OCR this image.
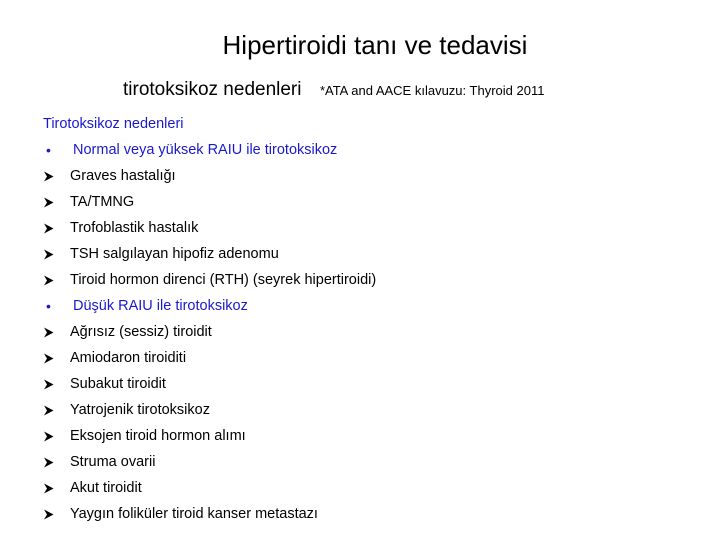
Hipertiroidi tanı ve tedavisi
tirotoksikoz nedenleri *ATA and AACE kılavuzu: Thyroid 2011
Tirotoksikoz nedenleri
•	Normal veya yüksek RAIU ile tirotoksikoz
Graves hastalığı
TA/TMNG
Trofoblastik hastalık
TSH salgılayan hipofiz adenomu
Tiroid hormon direnci (RTH) (seyrek hipertiroidi)
•	Düşük RAIU ile tirotoksikoz
Ağrısız (sessiz) tiroidit
Amiodaron tiroiditi
Subakut tiroidit
Yatrojenik tirotoksikoz
Eksojen tiroid hormon alımı
Struma ovarii
Akut tiroidit
Yaygın foliküler tiroid kanser metastazı
